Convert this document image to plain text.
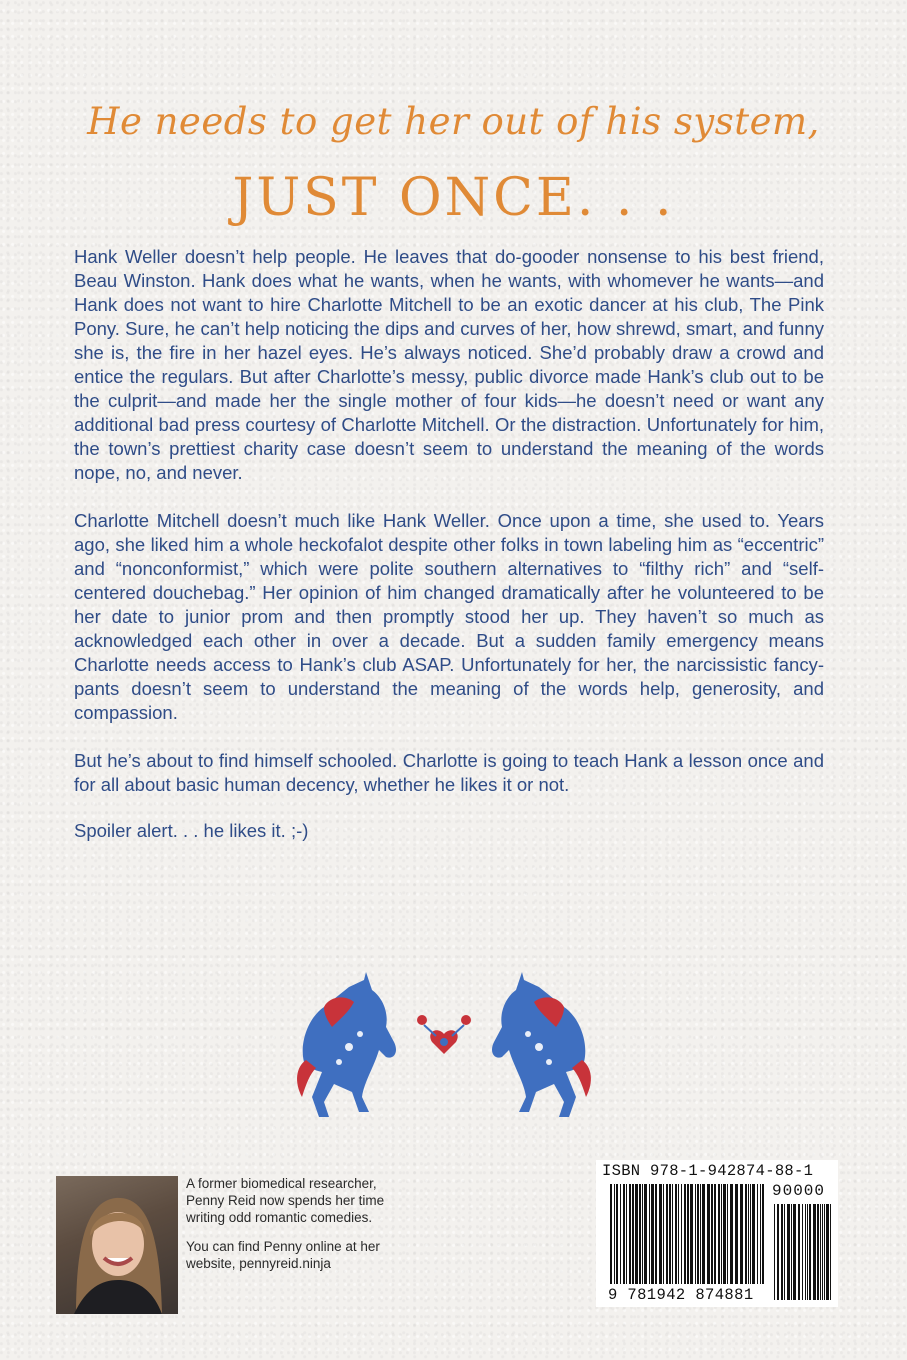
He needs to get her out of his system,
JUST ONCE. . .

Hank Weller doesn’t help people. He leaves that do-gooder nonsense to his best friend, Beau Winston. Hank does what he wants, when he wants, with whomever he wants—and Hank does not want to hire Charlotte Mitchell to be an exotic dancer at his club, The Pink Pony. Sure, he can’t help noticing the dips and curves of her, how shrewd, smart, and funny she is, the fire in her hazel eyes. He’s always noticed. She’d probably draw a crowd and entice the regulars. But after Charlotte’s messy, public divorce made Hank’s club out to be the culprit—and made her the single mother of four kids—he doesn’t need or want any additional bad press courtesy of Charlotte Mitchell. Or the distraction. Unfortunately for him, the town’s prettiest charity case doesn’t seem to understand the meaning of the words nope, no, and never.

Charlotte Mitchell doesn’t much like Hank Weller. Once upon a time, she used to. Years ago, she liked him a whole heckofalot despite other folks in town labeling him as “eccentric” and “nonconformist,” which were polite southern alternatives to “filthy rich” and “self-centered douchebag.” Her opinion of him changed dramatically after he volunteered to be her date to junior prom and then promptly stood her up. They haven’t so much as acknowledged each other in over a decade. But a sudden family emergency means Charlotte needs access to Hank’s club ASAP. Unfortunately for her, the narcissistic fancy-pants doesn’t seem to understand the meaning of the words help, generosity, and compassion.

But he’s about to find himself schooled. Charlotte is going to teach Hank a lesson once and for all about basic human decency, whether he likes it or not.

Spoiler alert. . . he likes it. ;-)

A former biomedical researcher, Penny Reid now spends her time writing odd romantic comedies.

You can find Penny online at her website, pennyreid.ninja

ISBN 978-1-942874-88-1
90000
9 781942 874881
